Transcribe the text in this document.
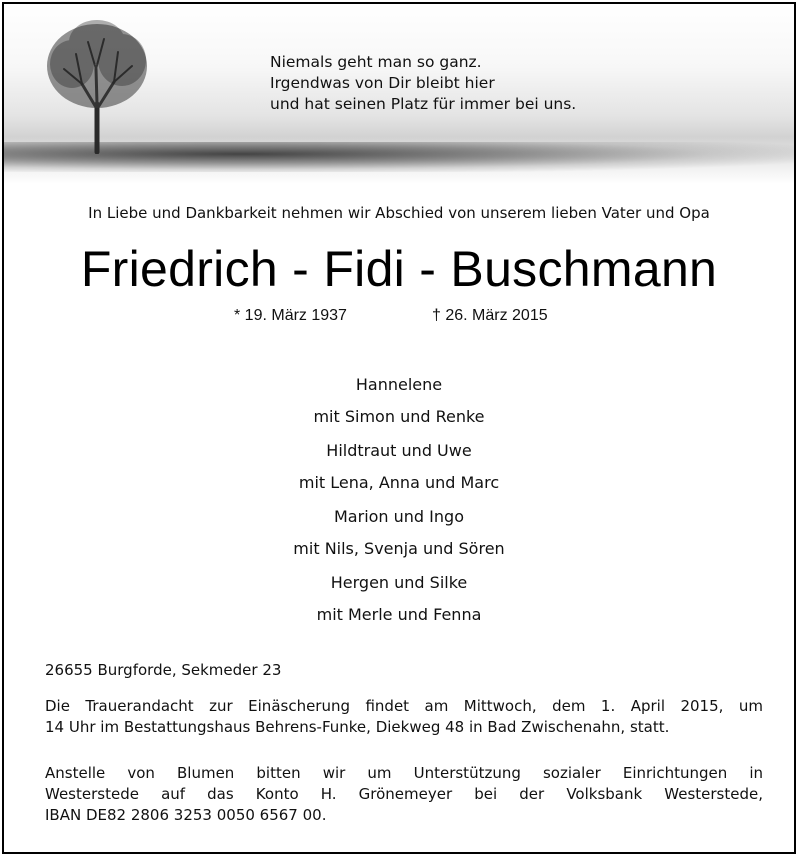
Niemals geht man so ganz.
Irgendwas von Dir bleibt hier
und hat seinen Platz für immer bei uns.
In Liebe und Dankbarkeit nehmen wir Abschied von unserem lieben Vater und Opa
Friedrich - Fidi - Buschmann
* 19. März 1937	† 26. März 2015
Hannelene
mit Simon und Renke
Hildtraut und Uwe
mit Lena, Anna und Marc
Marion und Ingo
mit Nils, Svenja und Sören
Hergen und Silke
mit Merle und Fenna
26655 Burgforde, Sekmeder 23
Die Trauerandacht zur Einäscherung findet am Mittwoch, dem 1. April 2015, um
14 Uhr im Bestattungshaus Behrens-Funke, Diekweg 48 in Bad Zwischenahn, statt.
Anstelle von Blumen bitten wir um Unterstützung sozialer Einrichtungen in
Westerstede auf das Konto H. Grönemeyer bei der Volksbank Westerstede,
IBAN DE82 2806 3253 0050 6567 00.
